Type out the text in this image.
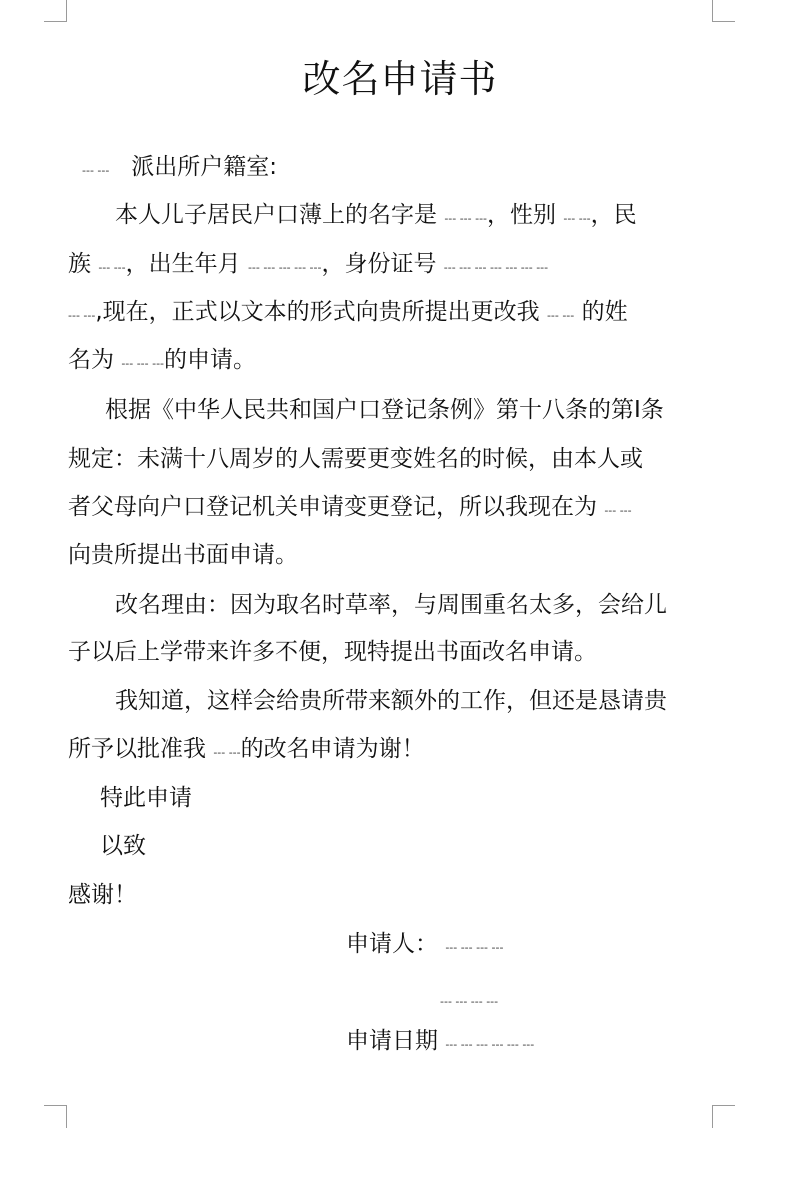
改名申请书
--- --- 派出所户籍室:
本人儿子居民户口薄上的名字是 --- --- ---，性别 --- ---，民
族 --- ---，出生年月 --- --- --- --- ---，身份证号 --- --- --- --- --- --- ---
--- ---,现在，正式以文本的形式向贵所提出更改我 --- --- 的姓
名为 --- --- ---的申请。
根据《中华人民共和国户口登记条例》第十八条的第I条
规定：未满十八周岁的人需要更变姓名的时候，由本人或
者父母向户口登记机关申请变更登记，所以我现在为 --- ---
向贵所提出书面申请。
改名理由：因为取名时草率，与周围重名太多，会给儿
子以后上学带来许多不便，现特提出书面改名申请。
我知道，这样会给贵所带来额外的工作，但还是恳请贵
所予以批准我 --- ---的改名申请为谢！
特此申请
以致
感谢！
申请人： --- --- --- ---
--- --- --- ---
申请日期 --- --- --- --- --- ---
